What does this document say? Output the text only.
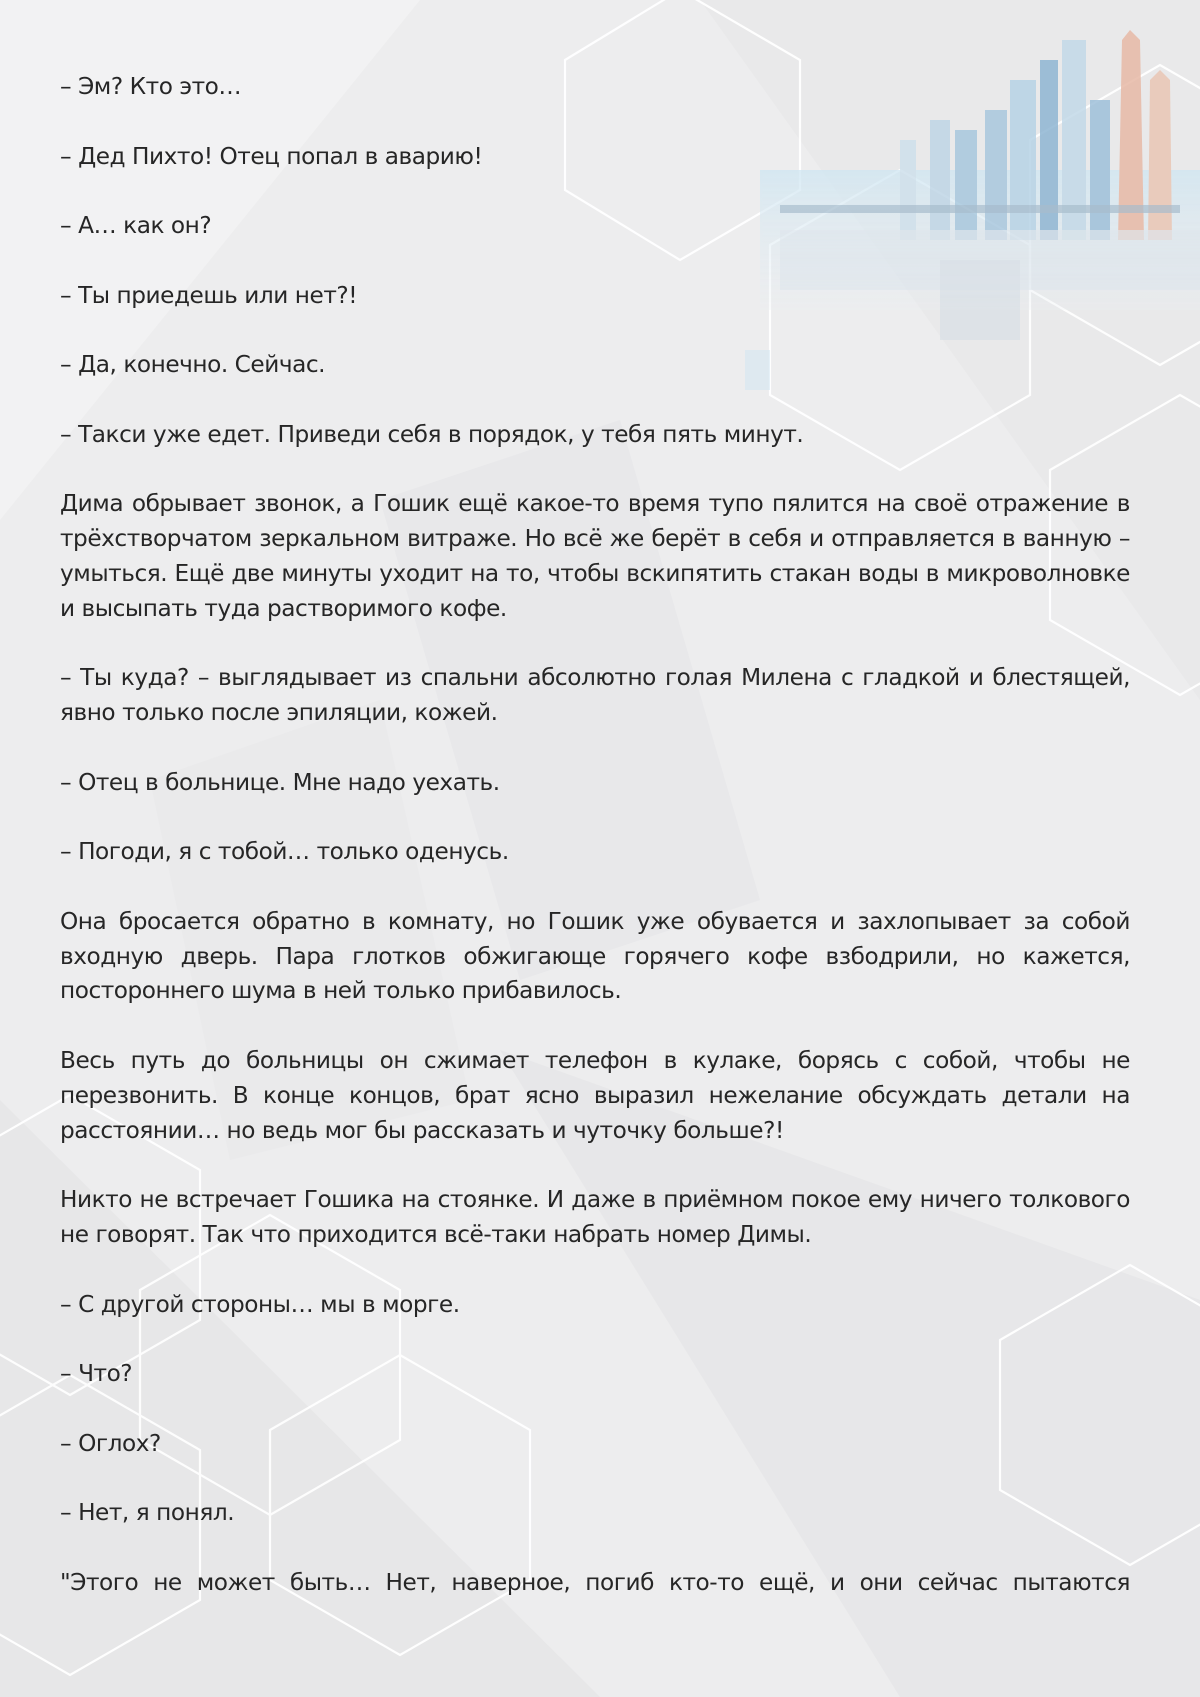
– Эм? Кто это…

– Дед Пихто! Отец попал в аварию!

– А… как он?

– Ты приедешь или нет?!

– Да, конечно. Сейчас.

– Такси уже едет. Приведи себя в порядок, у тебя пять минут.

Дима обрывает звонок, а Гошик ещё какое-то время тупо пялится на своё отражение в трёхстворчатом зеркальном витраже. Но всё же берёт в себя и отправляется в ванную – умыться. Ещё две минуты уходит на то, чтобы вскипятить стакан воды в микроволновке и высыпать туда растворимого кофе.

– Ты куда? – выглядывает из спальни абсолютно голая Милена с гладкой и блестящей, явно только после эпиляции, кожей.

– Отец в больнице. Мне надо уехать.

– Погоди, я с тобой… только оденусь.

Она бросается обратно в комнату, но Гошик уже обувается и захлопывает за собой входную дверь. Пара глотков обжигающе горячего кофе взбодрили, но кажется, постороннего шума в ней только прибавилось.

Весь путь до больницы он сжимает телефон в кулаке, борясь с собой, чтобы не перезвонить. В конце концов, брат ясно выразил нежелание обсуждать детали на расстоянии… но ведь мог бы рассказать и чуточку больше?!

Никто не встречает Гошика на стоянке. И даже в приёмном покое ему ничего толкового не говорят. Так что приходится всё-таки набрать номер Димы.

– С другой стороны… мы в морге.

– Что?

– Оглох?

– Нет, я понял.

"Этого не может быть… Нет, наверное, погиб кто-то ещё, и они сейчас пытаются
